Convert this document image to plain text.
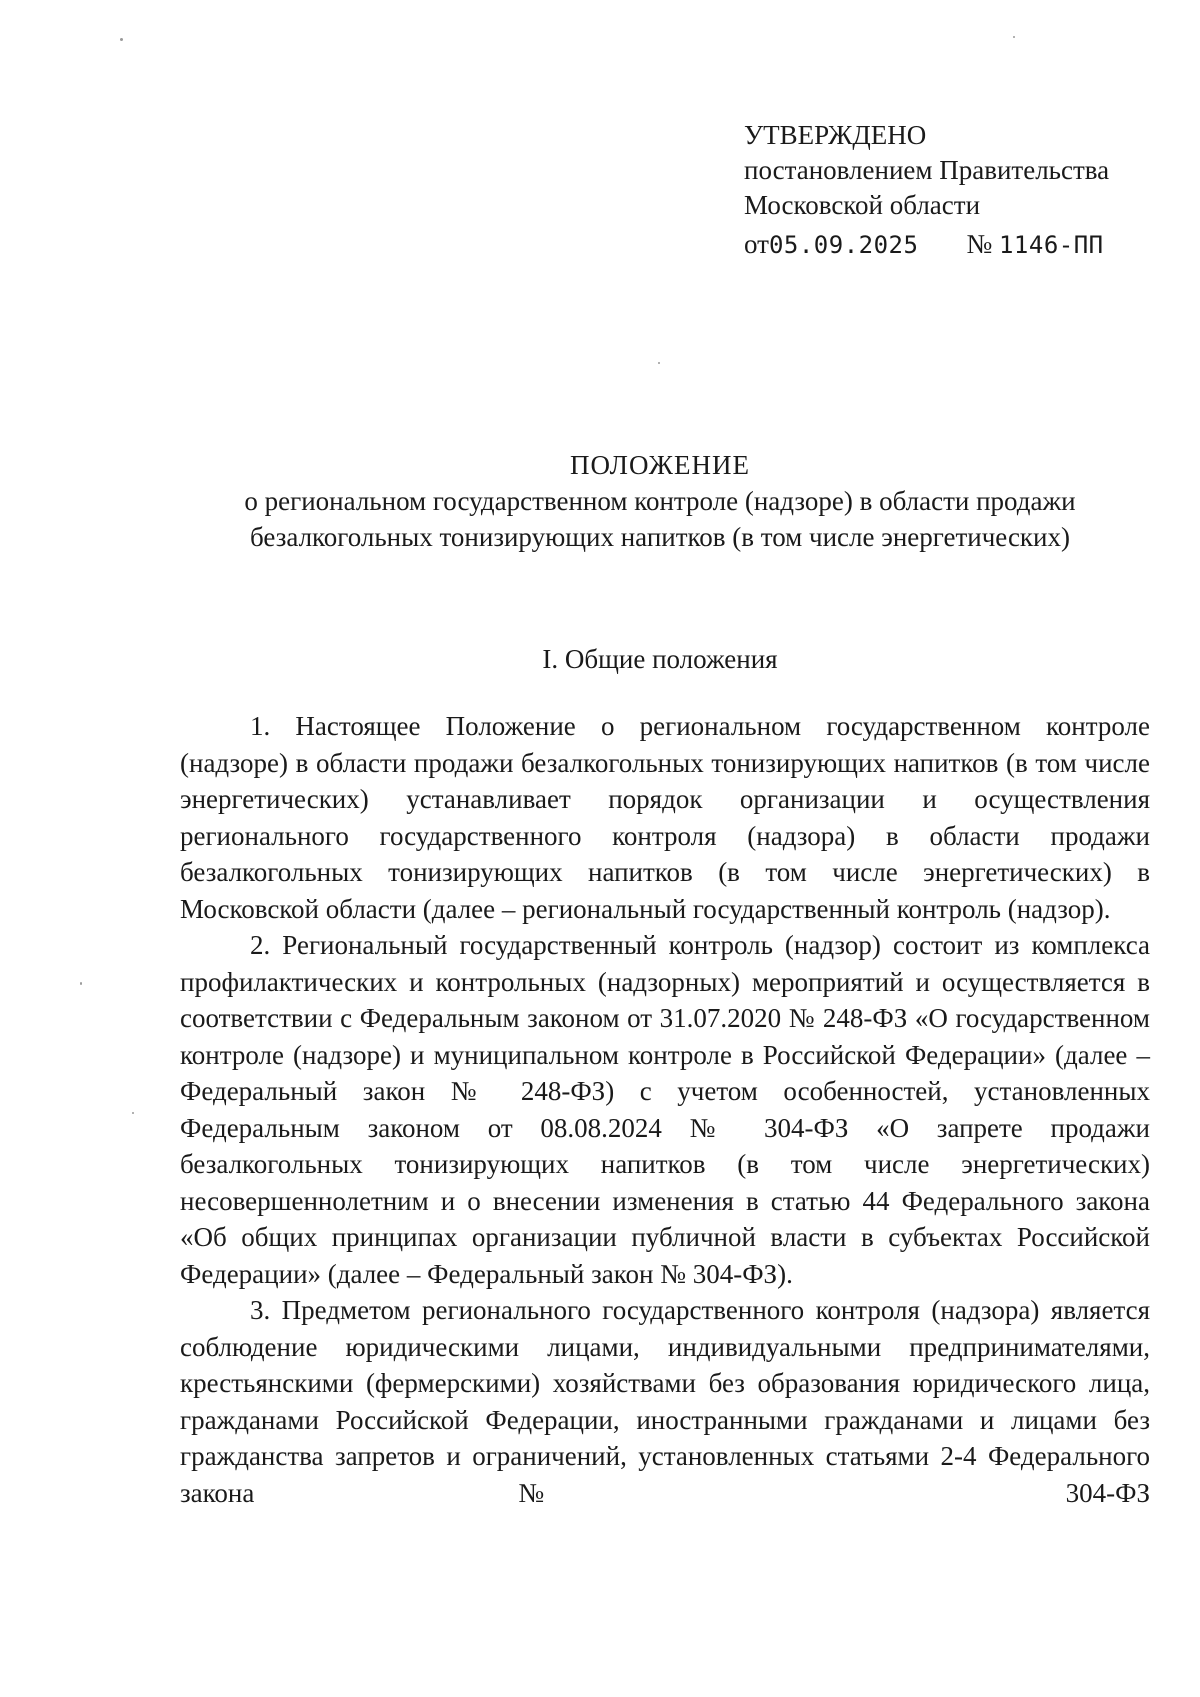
УТВЕРЖДЕНО
постановлением Правительства
Московской области
от05.09.2025 № 1146-ПП
ПОЛОЖЕНИЕ
о региональном государственном контроле (надзоре) в области продажи
безалкогольных тонизирующих напитков (в том числе энергетических)
I. Общие положения

1. Настоящее Положение о региональном государственном контроле (надзоре) в области продажи безалкогольных тонизирующих напитков (в том числе энергетических) устанавливает порядок организации и осуществления регионального государственного контроля (надзора) в области продажи безалкогольных тонизирующих напитков (в том числе энергетических) в Московской области (далее – региональный государственный контроль (надзор).

2. Региональный государственный контроль (надзор) состоит из комплекса профилактических и контрольных (надзорных) мероприятий и осуществляется в соответствии с Федеральным законом от 31.07.2020 № 248-ФЗ «О государственном контроле (надзоре) и муниципальном контроле в Российской Федерации» (далее – Федеральный закон № 248-ФЗ) с учетом особенностей, установленных Федеральным законом от 08.08.2024 № 304-ФЗ «О запрете продажи безалкогольных тонизирующих напитков (в том числе энергетических) несовершеннолетним и о внесении изменения в статью 44 Федерального закона «Об общих принципах организации публичной власти в субъектах Российской Федерации» (далее – Федеральный закон № 304-ФЗ).

3. Предметом регионального государственного контроля (надзора) является соблюдение юридическими лицами, индивидуальными предпринимателями, крестьянскими (фермерскими) хозяйствами без образования юридического лица, гражданами Российской Федерации, иностранными гражданами и лицами без гражданства запретов и ограничений, установленных статьями 2-4 Федерального закона № 304-ФЗ
